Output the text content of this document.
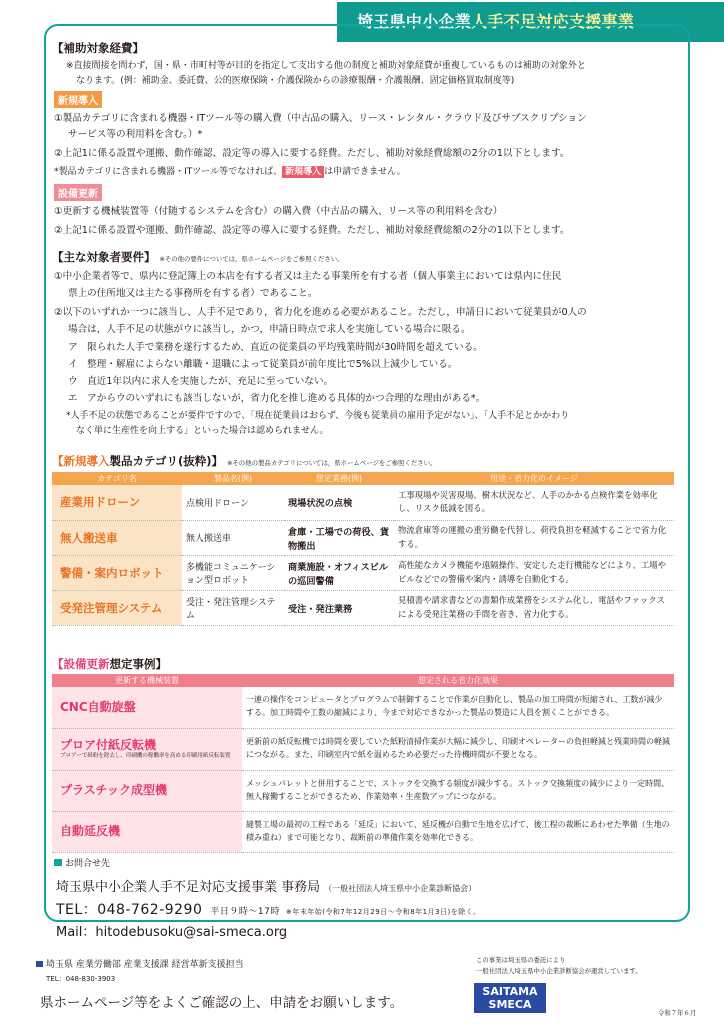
埼玉県中小企業人手不足対応支援事業
【補助対象経費】
※直接間接を問わず，国・県・市町村等が目的を指定して支出する他の制度と補助対象経費が重複しているものは補助の対象外と
なります。(例：補助金、委託費、公的医療保険・介護保険からの診療報酬・介護報酬、固定価格買取制度等)
新規導入
①製品カテゴリに含まれる機器・ITツール等の購入費（中古品の購入、リース・レンタル・クラウド及びサブスクリプション
サービス等の利用料を含む。）*
②上記1に係る設置や運搬、動作確認、設定等の導入に要する経費。ただし、補助対象経費総額の2分の1以下とします。
*製品カテゴリに含まれる機器・ITツール等でなければ、 新規導入 は申請できません。
設備更新
①更新する機械装置等（付随するシステムを含む）の購入費（中古品の購入、リース等の利用料を含む）
②上記1に係る設置や運搬、動作確認、設定等の導入に要する経費。ただし、補助対象経費総額の2分の1以下とします。
【主な対象者要件】 ※その他の要件については，県ホームページをご参照ください。
①中小企業者等で、県内に登記簿上の本店を有する者又は主たる事業所を有する者（個人事業主においては県内に住民
票上の住所地又は主たる事務所を有する者）であること。
②以下のいずれか一つに該当し、人手不足であり，省力化を進める必要があること。ただし，申請日において従業員が0人の
場合は，人手不足の状態がウに該当し，かつ，申請日時点で求人を実施している場合に限る。
ア　限られた人手で業務を遂行するため、直近の従業員の平均残業時間が30時間を超えている。
イ　整理・解雇によらない離職・退職によって従業員が前年度比で5%以上減少している。
ウ　直近1年以内に求人を実施したが、充足に至っていない。
エ　アからウのいずれにも該当しないが，省力化を推し進める具体的かつ合理的な理由がある*。
*人手不足の状態であることが要件ですので、「現在従業員はおらず、今後も従業員の雇用予定がない」、「人手不足とかかわり
なく単に生産性を向上する」といった場合は認められません。
【新規導入製品カテゴリ(抜粋)】 ※その他の製品カテゴリについては，県ホームページをご参照ください。
カテゴリ名	製品名(例)	想定業務(例)	用途・省力化のイメージ
産業用ドローン	点検用ドローン	現場状況の点検	工事現場や災害現場、樹木状況など、人手のかかる点検作業を効率化し、リスク低減を図る。
無人搬送車	無人搬送車	倉庫・工場での荷役、貨物搬出	物流倉庫等の運搬の重労働を代替し、荷役負担を軽減することで省力化する。
警備・案内ロボット	多機能コミュニケーション型ロボット	商業施設・オフィスビルの巡回警備	高性能なカメラ機能や遠隔操作、安定した走行機能などにより、工場やビルなどでの警備や案内・誘導を自動化する。
受発注管理システム	受注・発注管理システム	受注・発注業務	見積書や請求書などの書類作成業務をシステム化し、電話やファックスによる受発注業務の手間を省き、省力化する。
【設備更新想定事例】
更新する機械装置	想定される省力化効果
CNC自動旋盤	一連の操作をコンピュータとプログラムで制御することで作業が自動化し、製品の加工時間が短縮され、工数が減少する。加工時間や工数の縮減により、今まで対応できなかった製品の製造に人員を割くことができる。
プロア付紙反転機
ブロアーで紙粉を除去し、印刷機の稼働率を高める印刷用紙反転装置	更新前の紙反転機では時間を要していた紙粉清掃作業が大幅に減少し、印刷オペレーターの負担軽減と残業時間の軽減につながる。また、印刷室内で紙を温めるため必要だった待機時間が不要となる。
プラスチック成型機	メッシュパレットと併用することで、ストックを交換する頻度が減少する。ストック交換頻度の減少により一定時間、無人稼働することができるため、作業効率・生産数アップにつながる。
自動延反機	縫製工場の最初の工程である「延反」において、延反機が自動で生地を広げて、後工程の裁断にあわせた準備（生地の積み重ね）まで可能となり、裁断前の準備作業を効率化できる。
お問合せ先
埼玉県中小企業人手不足対応支援事業 事務局 （一般社団法人埼玉県中小企業診断協会）
TEL：048-762-9290 平日９時～17時 ※年末年始(令和7年12月29日～令和8年1月3日)を除く。
Mail：hitodebusoku@sai-smeca.org
埼玉県 産業労働部 産業支援課 経営革新支援担当
TEL：048-830-3903
県ホームページ等をよくご確認の上、申請をお願いします。
この事業は埼玉県の委託により
一般社団法人埼玉県中小企業診断協会が運営しています。
SAITAMA
SMECA
令和７年６月
